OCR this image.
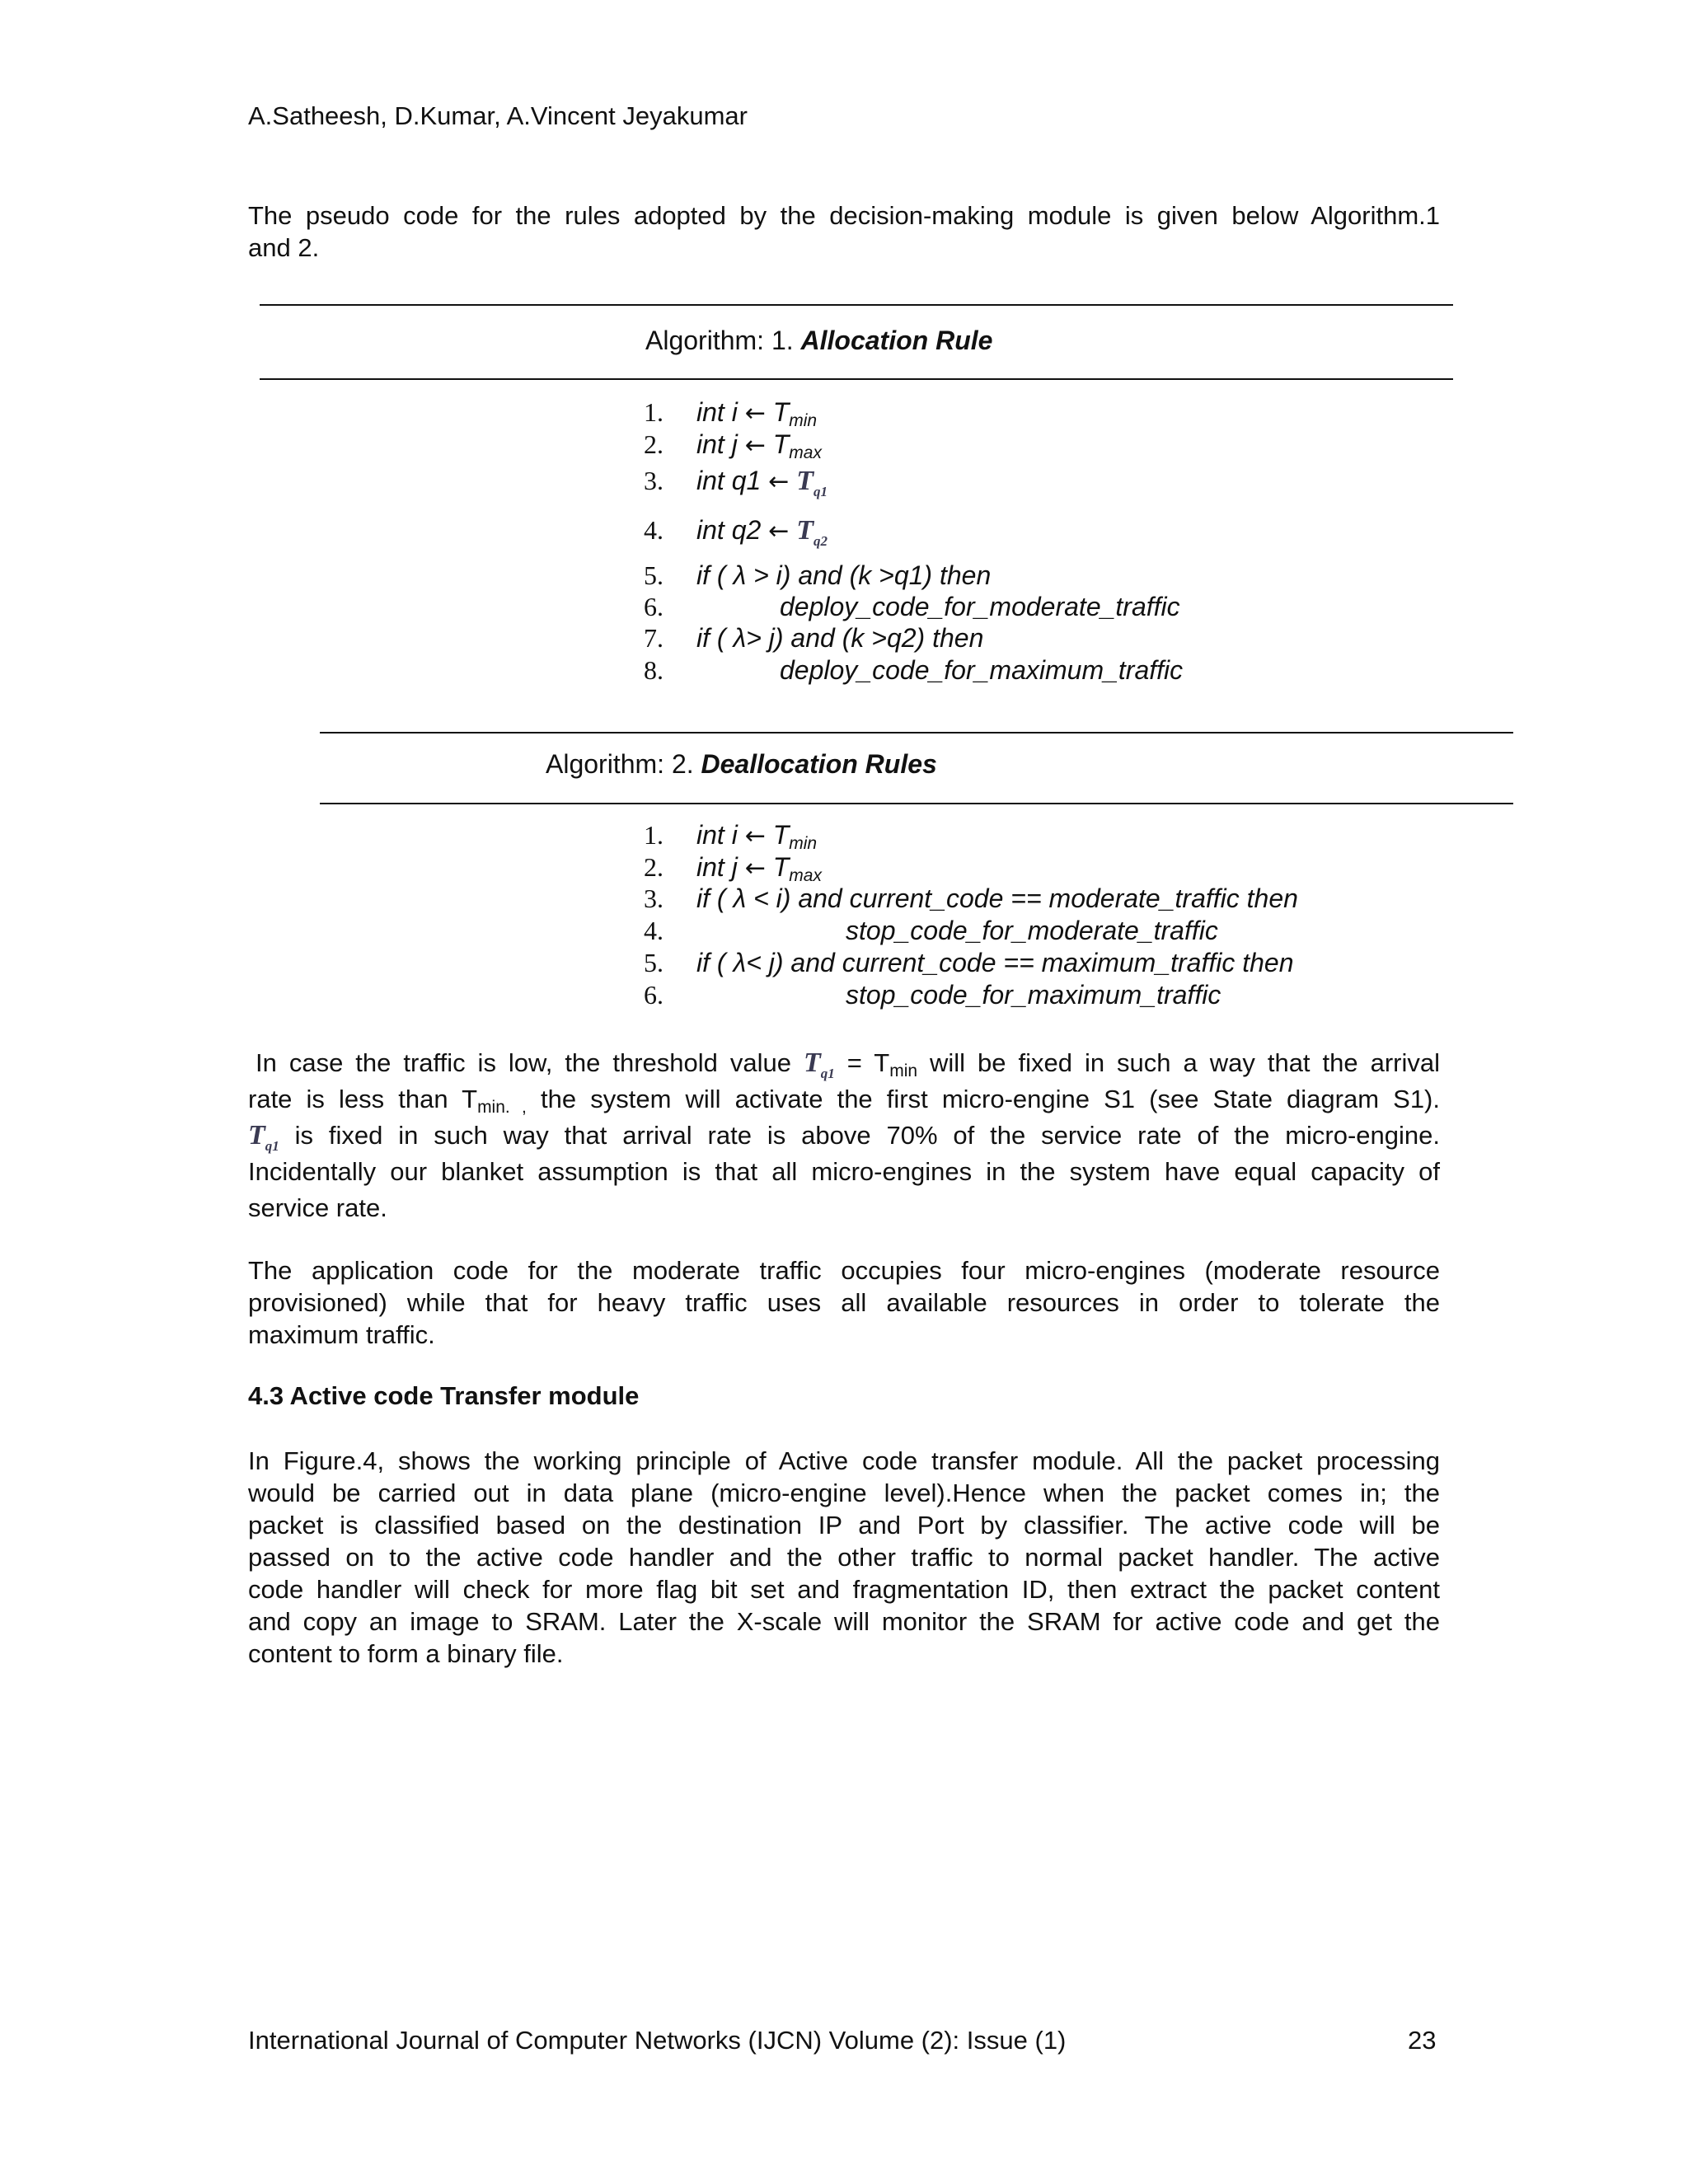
A.Satheesh, D.Kumar, A.Vincent Jeyakumar
The pseudo code for the rules adopted by the decision-making module is given below Algorithm.1
and 2.
Algorithm: 1. Allocation Rule
1.	int i ← $T_{min}$
2.	int j ← $T_{max}$
3.	int q1 ← $T_{q1}$
4.	int q2 ← $T_{q2}$
5.	if ( λ > i) and (k >q1) then
6.	deploy_code_for_moderate_traffic
7.	if ( λ> j) and (k >q2) then
8.	deploy_code_for_maximum_traffic
Algorithm: 2. Deallocation Rules
1.	int i ← $T_{min}$
2.	int j ← $T_{max}$
3.	if ( λ < i) and current_code == moderate_traffic then
4.	stop_code_for_moderate_traffic
5.	if ( λ< j) and current_code == maximum_traffic then
6.	stop_code_for_maximum_traffic
In case the traffic is low, the threshold value $T_{q1} = T_{min}$ will be fixed in such a way that the arrival
rate is less than $T_{min. ,}$ the system will activate the first micro-engine S1 (see State diagram S1).
$T_{q1}$ is fixed in such way that arrival rate is above 70% of the service rate of the micro-engine.
Incidentally our blanket assumption is that all micro-engines in the system have equal capacity of
service rate.
The application code for the moderate traffic occupies four micro-engines (moderate resource
provisioned) while that for heavy traffic uses all available resources in order to tolerate the
maximum traffic.
4.3 Active code Transfer module
In Figure.4, shows the working principle of Active code transfer module. All the packet processing
would be carried out in data plane (micro-engine level).Hence when the packet comes in; the
packet is classified based on the destination IP and Port by classifier. The active code will be
passed on to the active code handler and the other traffic to normal packet handler. The active
code handler will check for more flag bit set and fragmentation ID, then extract the packet content
and copy an image to SRAM. Later the X-scale will monitor the SRAM for active code and get the
content to form a binary file.
International Journal of Computer Networks (IJCN) Volume (2): Issue (1)	23
